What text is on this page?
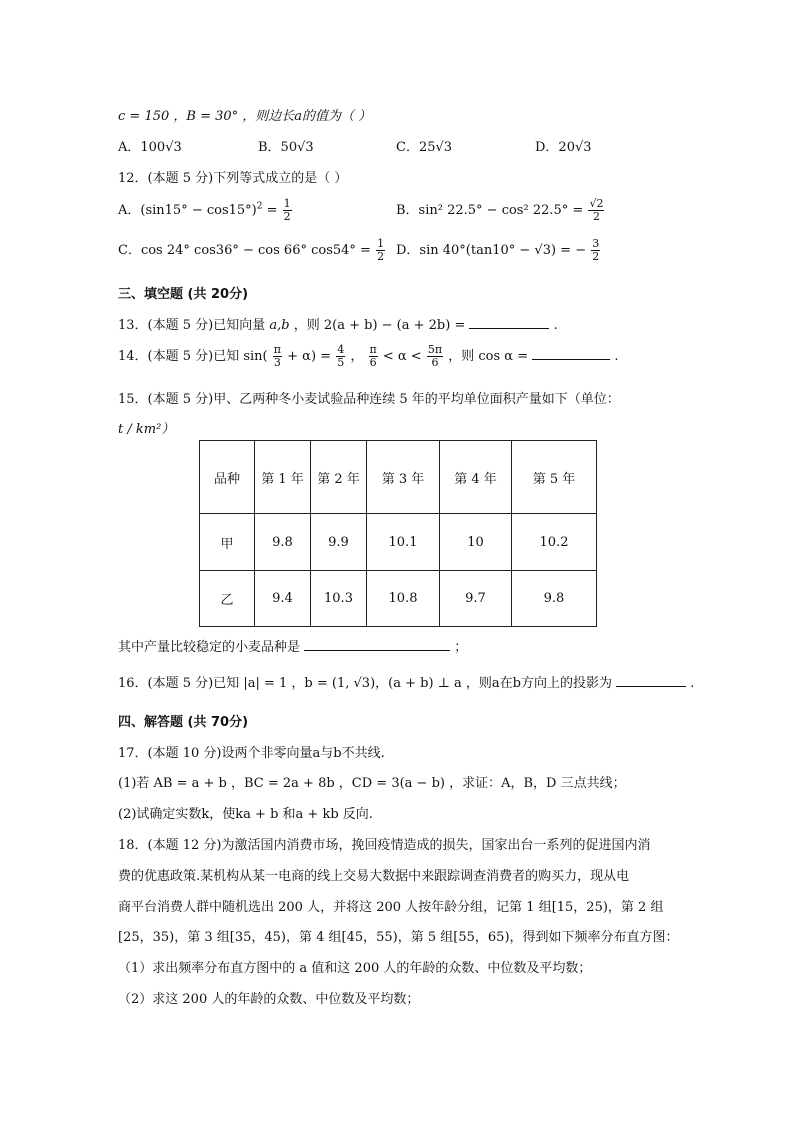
c = 150 ，B = 30° ，则边长a的值为（ ）
A．100√3	B．50√3	C．25√3	D．20√3
12．(本题 5 分)下列等式成立的是（ ）
A．$(\sin 15^\circ - \cos 15^\circ)^2 = \frac{1}{2}$	B．sin² 22.5° − cos² $22.5^\circ = \frac{√2}{2}$
C．cos 24° cos36° − cos 66° $\cos 54^\circ = \frac{1}{2}$ D．sin 40°(tan10° − √3) = − $\frac{3}{2}$
三、填空题 (共 20分)
13．(本题 5 分)已知向量 a,b ，则 2(a + b) − (a + 2b) =	.
14．(本题 5 分)已知 $\sin( \frac{\pi}{3} + \alpha) = \frac{4}{5}$ ， $\frac{\pi}{6} < \alpha < \frac{5\pi}{6}$ ，则 cos α =	.
15．(本题 5 分)甲、乙两种冬小麦试验品种连续 5 年的平均单位面积产量如下（单位：
t / km²）
品种	第 1 年	第 2 年	第 3 年	第 4 年	第 5 年
甲	9.8	9.9	10.1	10	10.2
乙	9.4	10.3	10.8	9.7	9.8
其中产量比较稳定的小麦品种是	；
16．(本题 5 分)已知 |a| = 1 ，b = (1, √3)，(a + b) ⊥ a ，则a在b方向上的投影为	.
四、解答题 (共 70分)
17．(本题 10 分)设两个非零向量a与b不共线.
(1)若 AB = a + b ，BC = 2a + 8b ，CD = 3(a − b) ，求证：A，B，D 三点共线；
(2)试确定实数k，使ka + b 和a + kb 反向.
18．(本题 12 分)为激活国内消费市场，挽回疫情造成的损失，国家出台一系列的促进国内消
费的优惠政策.某机构从某一电商的线上交易大数据中来跟踪调查消费者的购买力，现从电
商平台消费人群中随机选出 200 人，并将这 200 人按年龄分组，记第 1 组[15，25)，第 2 组
[25，35)，第 3 组[35，45)，第 4 组[45，55)，第 5 组[55，65)，得到如下频率分布直方图：
（1）求出频率分布直方图中的 a 值和这 200 人的年龄的众数、中位数及平均数；
（2）求这 200 人的年龄的众数、中位数及平均数；
